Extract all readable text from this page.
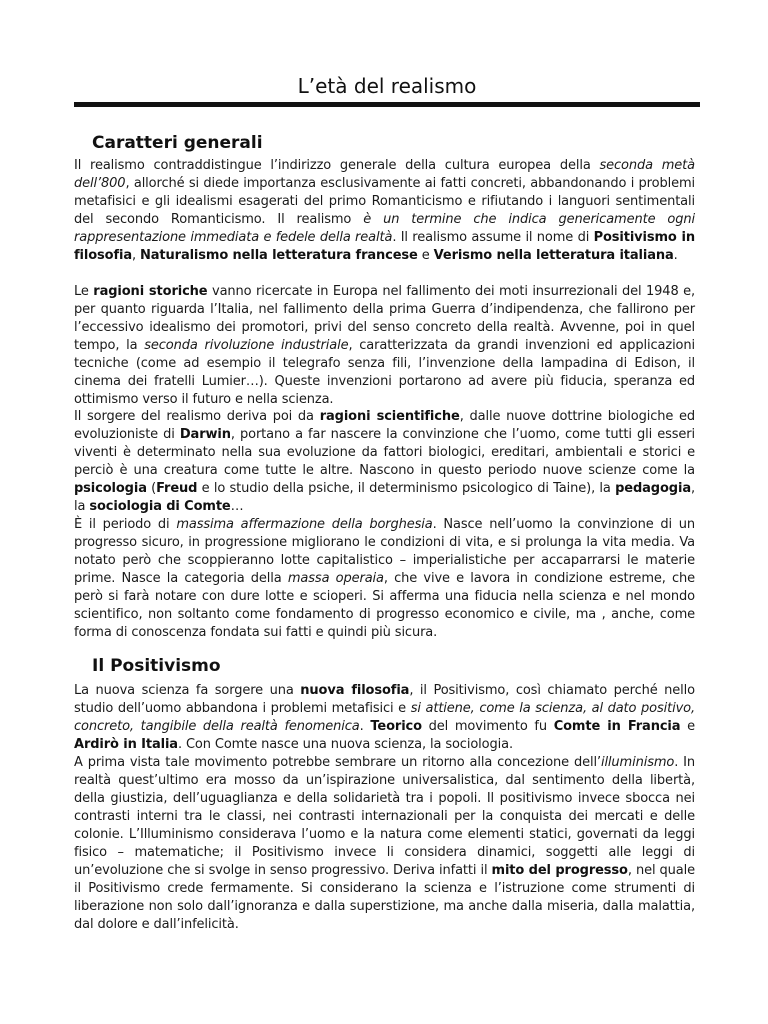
L’età del realismo
Caratteri generali

Il realismo contraddistingue l’indirizzo generale della cultura europea della seconda metà dell’800, allorché si diede importanza esclusivamente ai fatti concreti, abbandonando i problemi metafisici e gli idealismi esagerati del primo Romanticismo e rifiutando i languori sentimentali del secondo Romanticismo. Il realismo è un termine che indica genericamente ogni rappresentazione immediata e fedele della realtà. Il realismo assume il nome di Positivismo in filosofia, Naturalismo nella letteratura francese e Verismo nella letteratura italiana.

Le ragioni storiche vanno ricercate in Europa nel fallimento dei moti insurrezionali del 1948 e, per quanto riguarda l’Italia, nel fallimento della prima Guerra d’indipendenza, che fallirono per l’eccessivo idealismo dei promotori, privi del senso concreto della realtà. Avvenne, poi in quel tempo, la seconda rivoluzione industriale, caratterizzata da grandi invenzioni ed applicazioni tecniche (come ad esempio il telegrafo senza fili, l’invenzione della lampadina di Edison, il cinema dei fratelli Lumier…). Queste invenzioni portarono ad avere più fiducia, speranza ed ottimismo verso il futuro e nella scienza.

Il sorgere del realismo deriva poi da ragioni scientifiche, dalle nuove dottrine biologiche ed evoluzioniste di Darwin, portano a far nascere la convinzione che l’uomo, come tutti gli esseri viventi è determinato nella sua evoluzione da fattori biologici, ereditari, ambientali e storici e perciò è una creatura come tutte le altre. Nascono in questo periodo nuove scienze come la psicologia (Freud e lo studio della psiche, il determinismo psicologico di Taine), la pedagogia, la sociologia di Comte…

È il periodo di massima affermazione della borghesia. Nasce nell’uomo la convinzione di un progresso sicuro, in progressione migliorano le condizioni di vita, e si prolunga la vita media. Va notato però che scoppieranno lotte capitalistico – imperialistiche per accaparrarsi le materie prime. Nasce la categoria della massa operaia, che vive e lavora in condizione estreme, che però si farà notare con dure lotte e scioperi. Si afferma una fiducia nella scienza e nel mondo scientifico, non soltanto come fondamento di progresso economico e civile, ma , anche, come forma di conoscenza fondata sui fatti e quindi più sicura.

Il Positivismo

La nuova scienza fa sorgere una nuova filosofia, il Positivismo, così chiamato perché nello studio dell’uomo abbandona i problemi metafisici e si attiene, come la scienza, al dato positivo, concreto, tangibile della realtà fenomenica. Teorico del movimento fu Comte in Francia e Ardirò in Italia. Con Comte nasce una nuova scienza, la sociologia.

A prima vista tale movimento potrebbe sembrare un ritorno alla concezione dell’illuminismo. In realtà quest’ultimo era mosso da un’ispirazione universalistica, dal sentimento della libertà, della giustizia, dell’uguaglianza e della solidarietà tra i popoli. Il positivismo invece sbocca nei contrasti interni tra le classi, nei contrasti internazionali per la conquista dei mercati e delle colonie. L’Illuminismo considerava l’uomo e la natura come elementi statici, governati da leggi fisico – matematiche; il Positivismo invece li considera dinamici, soggetti alle leggi di un’evoluzione che si svolge in senso progressivo. Deriva infatti il mito del progresso, nel quale il Positivismo crede fermamente. Si considerano la scienza e l’istruzione come strumenti di liberazione non solo dall’ignoranza e dalla superstizione, ma anche dalla miseria, dalla malattia, dal dolore e dall’infelicità.
